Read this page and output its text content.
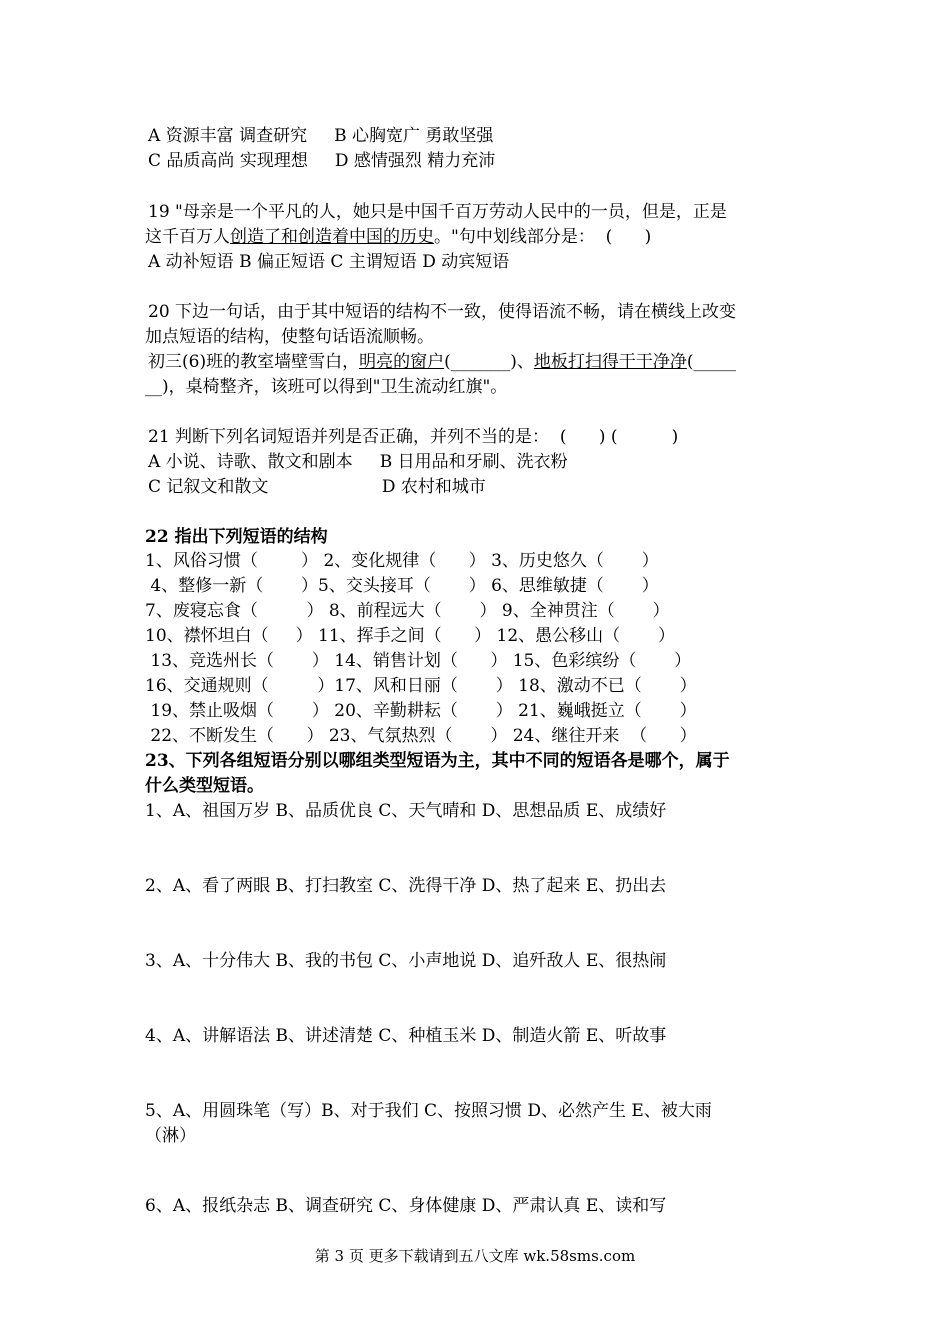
A 资源丰富 调查研究     B 心胸宽广 勇敢坚强
C 品质高尚 实现理想     D 感情强烈 精力充沛
19 "母亲是一个平凡的人，她只是中国千百万劳动人民中的一员，但是，正是
这千百万人创造了和创造着中国的历史。"句中划线部分是：  (      )
A 动补短语 B 偏正短语 C 主谓短语 D 动宾短语
20 下边一句话，由于其中短语的结构不一致，使得语流不畅，请在横线上改变
加点短语的结构，使整句话语流顺畅。
初三(6)班的教室墙壁雪白，明亮的窗户(_______)、地板打扫得干干净净(_____
__)，桌椅整齐，该班可以得到"卫生流动红旗"。
21 判断下列名词短语并列是否正确，并列不当的是：  (      ) (          )
A 小说、诗歌、散文和剧本     B 日用品和牙刷、洗衣粉
C 记叙文和散文                     D 农村和城市
22 指出下列短语的结构
1、风俗习惯（        ） 2、变化规律（      ） 3、历史悠久（       ）
4、整修一新（       ）5、交头接耳（       ） 6、思维敏捷（       ）
7、废寝忘食（         ） 8、前程远大（       ） 9、全神贯注（       ）
10、襟怀坦白（     ） 11、挥手之间（      ） 12、愚公移山（       ）
13、竞选州长（       ） 14、销售计划（      ） 15、色彩缤纷（       ）
16、交通规则（         ）17、风和日丽（       ） 18、激动不已（       ）
19、禁止吸烟（       ） 20、辛勤耕耘（       ） 21、巍峨挺立（       ）
22、不断发生（      ） 23、气氛热烈（       ） 24、继往开来  （      ）
23、下列各组短语分别以哪组类型短语为主，其中不同的短语各是哪个，属于
什么类型短语。
1、A、祖国万岁 B、品质优良 C、天气晴和 D、思想品质 E、成绩好
2、A、看了两眼 B、打扫教室 C、洗得干净 D、热了起来 E、扔出去
3、A、十分伟大 B、我的书包 C、小声地说 D、追歼敌人 E、很热闹
4、A、讲解语法 B、讲述清楚 C、种植玉米 D、制造火箭 E、听故事
5、A、用圆珠笔（写）B、对于我们 C、按照习惯 D、必然产生 E、被大雨
（淋）
6、A、报纸杂志 B、调查研究 C、身体健康 D、严肃认真 E、读和写
第 3 页 更多下载请到五八文库 wk.58sms.com
